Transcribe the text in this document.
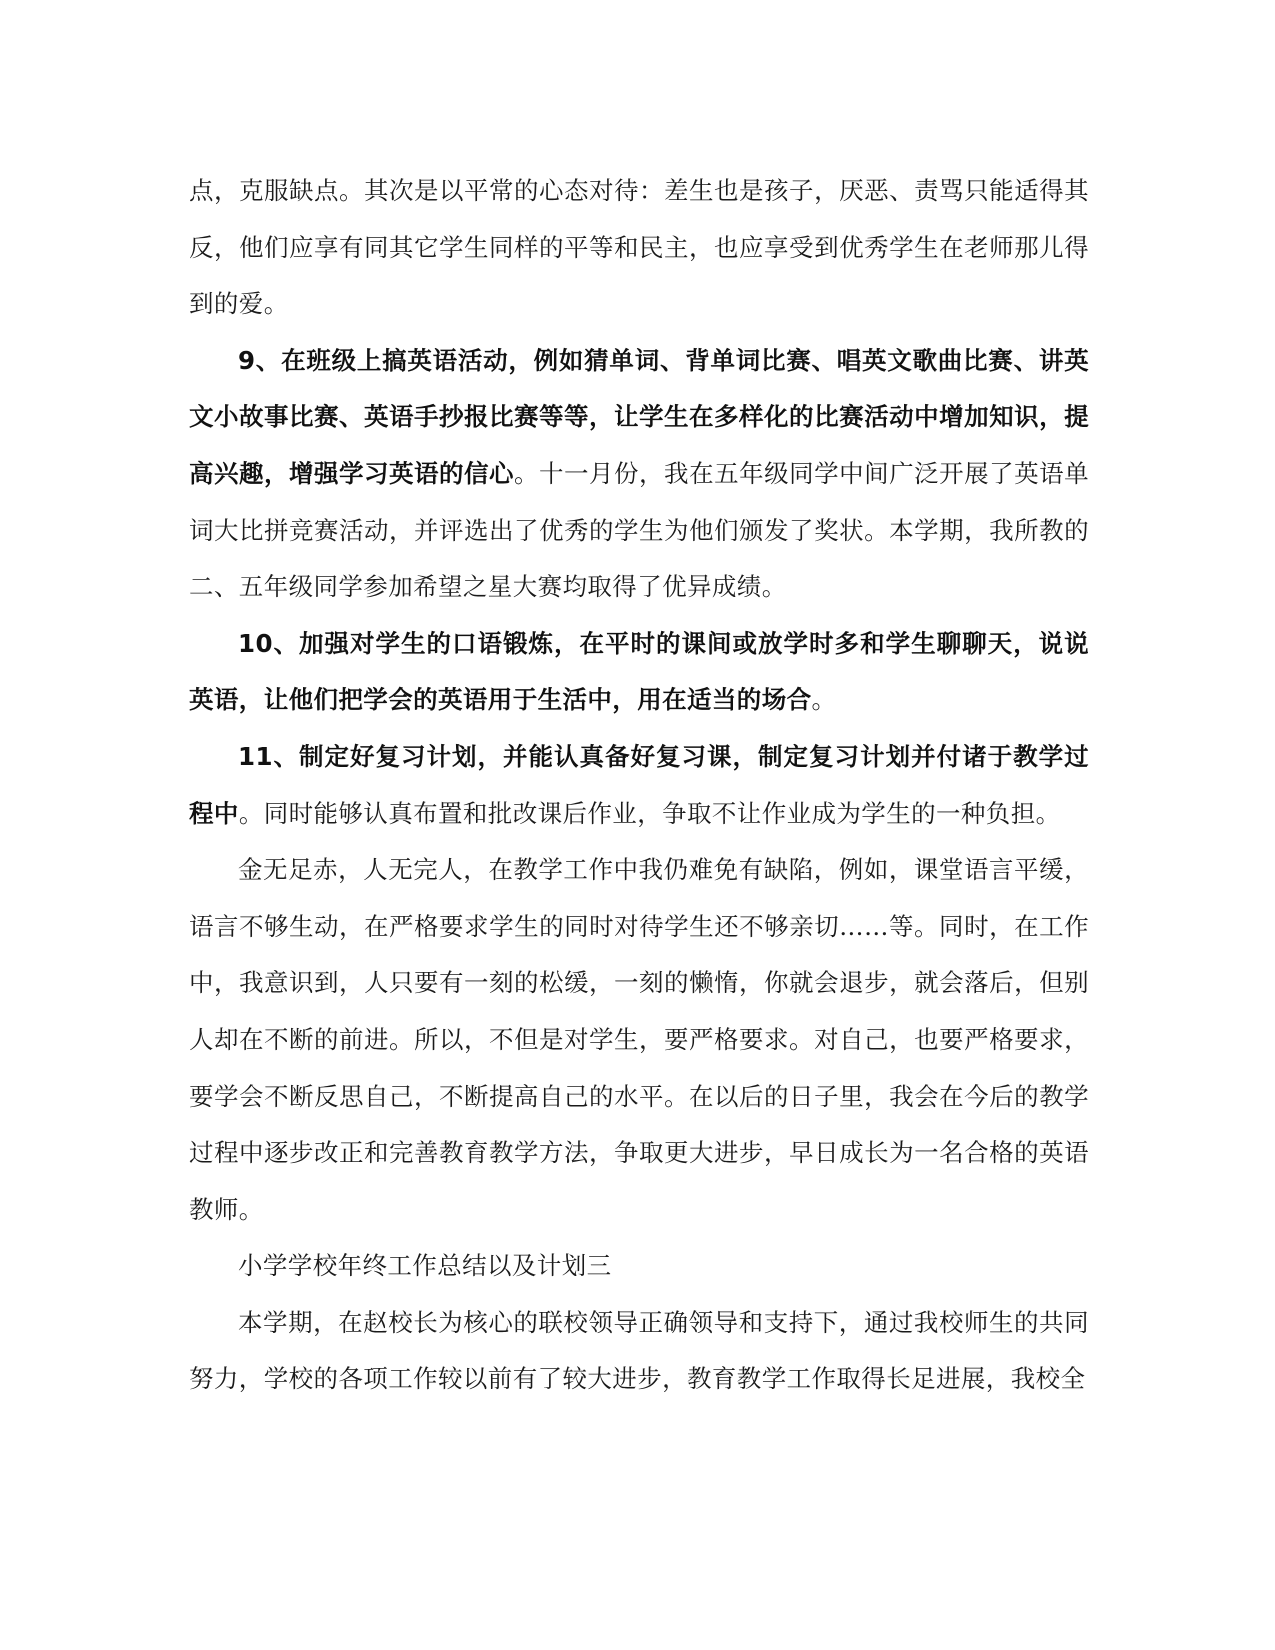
点，克服缺点。其次是以平常的心态对待：差生也是孩子，厌恶、责骂只能适得其反，他们应享有同其它学生同样的平等和民主，也应享受到优秀学生在老师那儿得到的爱。

9、在班级上搞英语活动，例如猜单词、背单词比赛、唱英文歌曲比赛、讲英文小故事比赛、英语手抄报比赛等等，让学生在多样化的比赛活动中增加知识，提高兴趣，增强学习英语的信心。十一月份，我在五年级同学中间广泛开展了英语单词大比拼竞赛活动，并评选出了优秀的学生为他们颁发了奖状。本学期，我所教的二、五年级同学参加希望之星大赛均取得了优异成绩。

10、加强对学生的口语锻炼，在平时的课间或放学时多和学生聊聊天，说说英语，让他们把学会的英语用于生活中，用在适当的场合。

11、制定好复习计划，并能认真备好复习课，制定复习计划并付诸于教学过程中。同时能够认真布置和批改课后作业，争取不让作业成为学生的一种负担。

金无足赤，人无完人，在教学工作中我仍难免有缺陷，例如，课堂语言平缓，语言不够生动，在严格要求学生的同时对待学生还不够亲切……等。同时，在工作中，我意识到，人只要有一刻的松缓，一刻的懒惰，你就会退步，就会落后，但别人却在不断的前进。所以，不但是对学生，要严格要求。对自己，也要严格要求，要学会不断反思自己，不断提高自己的水平。在以后的日子里，我会在今后的教学过程中逐步改正和完善教育教学方法，争取更大进步，早日成长为一名合格的英语教师。

小学学校年终工作总结以及计划三

本学期，在赵校长为核心的联校领导正确领导和支持下，通过我校师生的共同努力，学校的各项工作较以前有了较大进步，教育教学工作取得长足进展，我校全
